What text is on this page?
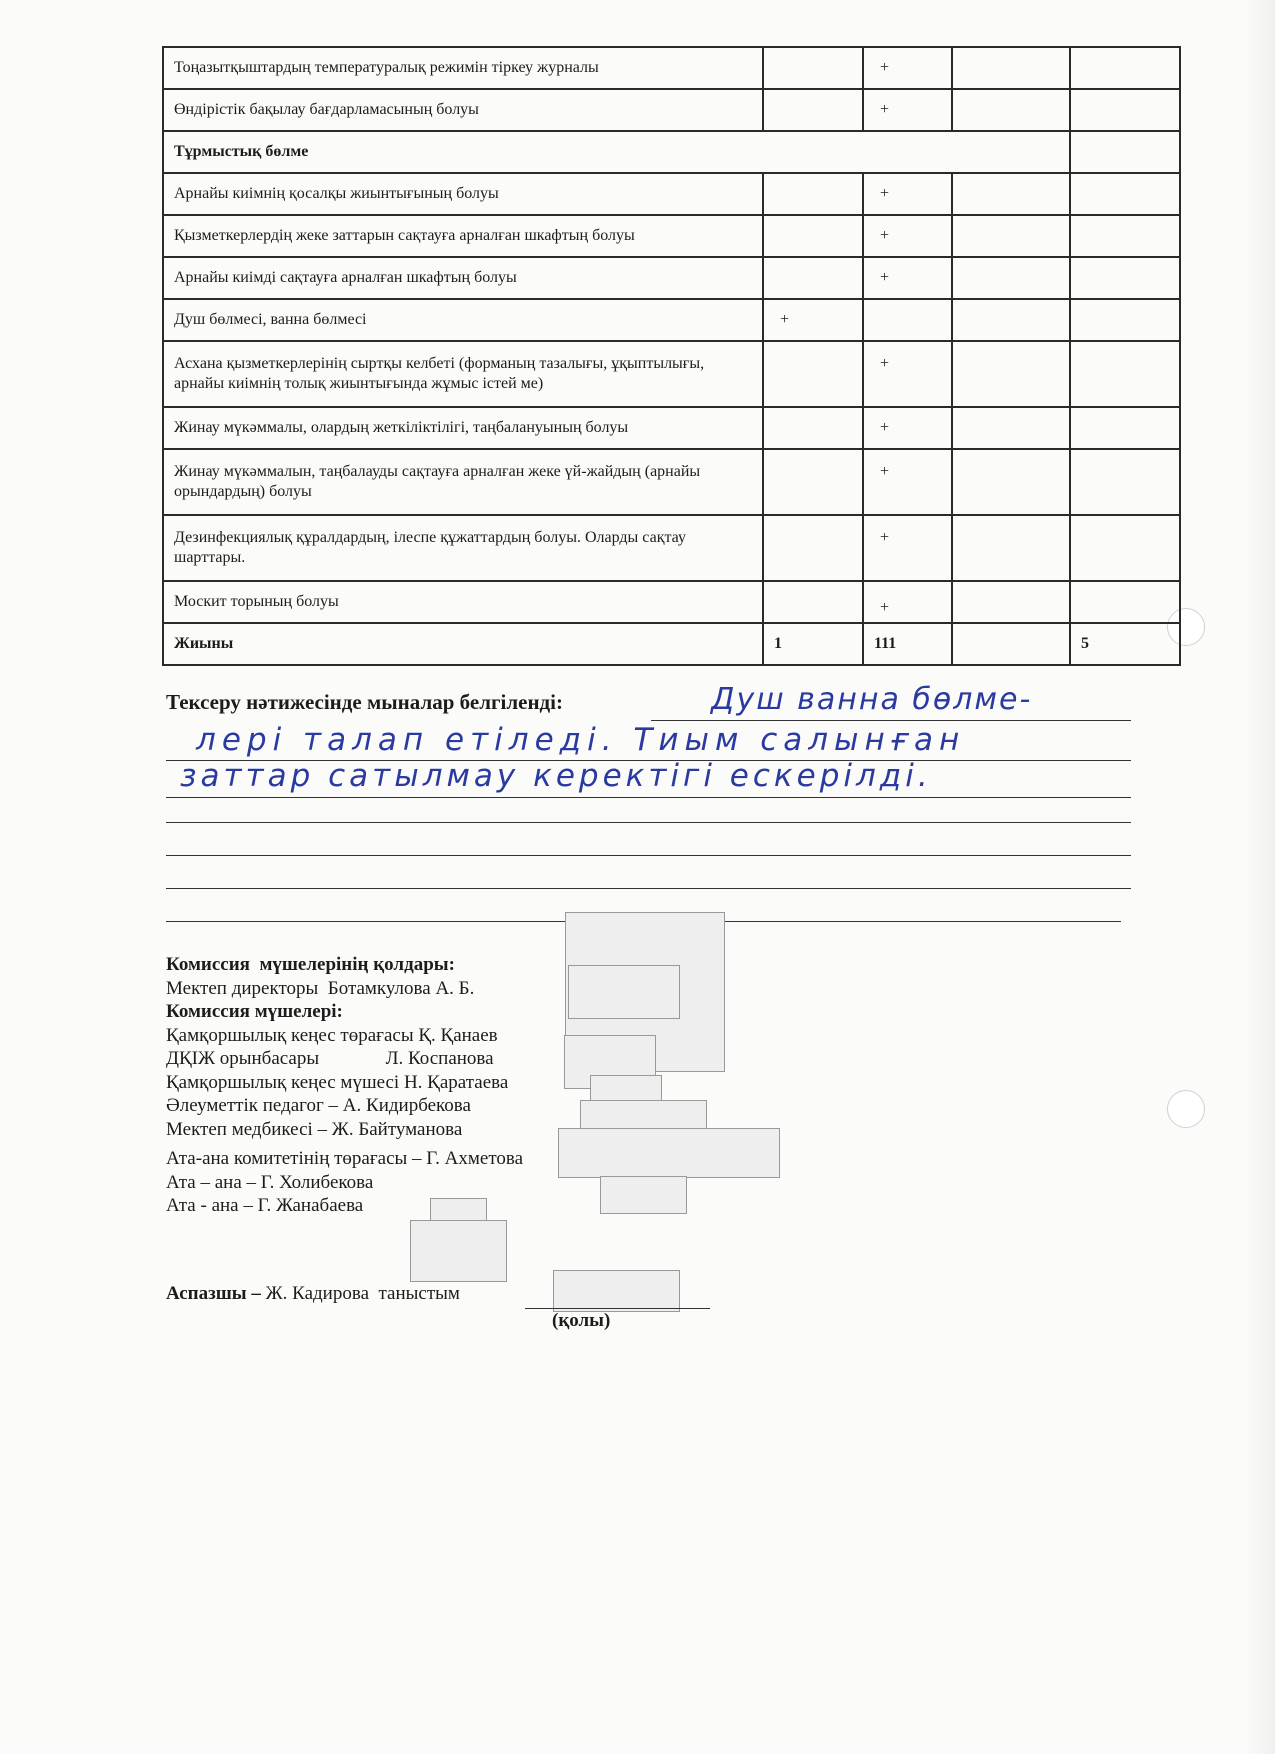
Тоңазытқыштардың температуралық режимін тіркеу журналы		+		
Өндірістік бақылау бағдарламасының болуы		+		
Тұрмыстық бөлме				
Арнайы киімнің қосалқы жиынтығының болуы		+		
Қызметкерлердің жеке заттарын сақтауға арналған шкафтың болуы		+		
Арнайы киімді сақтауға арналған шкафтың болуы		+		
Душ бөлмесі, ванна бөлмесі	+			
Асхана қызметкерлерінің сыртқы келбеті (форманың тазалығы, ұқыптылығы, арнайы киімнің толық жиынтығында жұмыс істей ме)		+		
Жинау мүкәммалы, олардың жеткіліктілігі, таңбалануының болуы		+		
Жинау мүкәммалын, таңбалауды сақтауға арналған жеке үй-жайдың (арнайы орындардың) болуы		+		
Дезинфекциялық құралдардың, ілеспе құжаттардың болуы. Оларды сақтау шарттары.		+		
Москит торының болуы		+		
Жиыны	1	111		5
Тексеру нәтижесінде мыналар белгіленді:	Душ ванна бөлме-
лері талап етіледі. Тиым салынған
заттар сатылмау керектігі ескерілді.
Комиссия  мүшелерінің қолдары:
Мектеп директоры  Ботамкулова А. Б.
Комиссия мүшелері:
Қамқоршылық кеңес төрағасы Қ. Қанаев
ДҚІЖ орынбасары              Л. Коспанова
Қамқоршылық кеңес мүшесі Н. Қаратаева
Әлеуметтік педагог – А. Кидирбекова
Мектеп медбикесі – Ж. Байтуманова
Ата-ана комитетінің төрағасы – Г. Ахметова
Ата – ана – Г. Холибекова
Ата - ана – Г. Жанабаева
Аспазшы – Ж. Кадирова  таныстым
(қолы)
